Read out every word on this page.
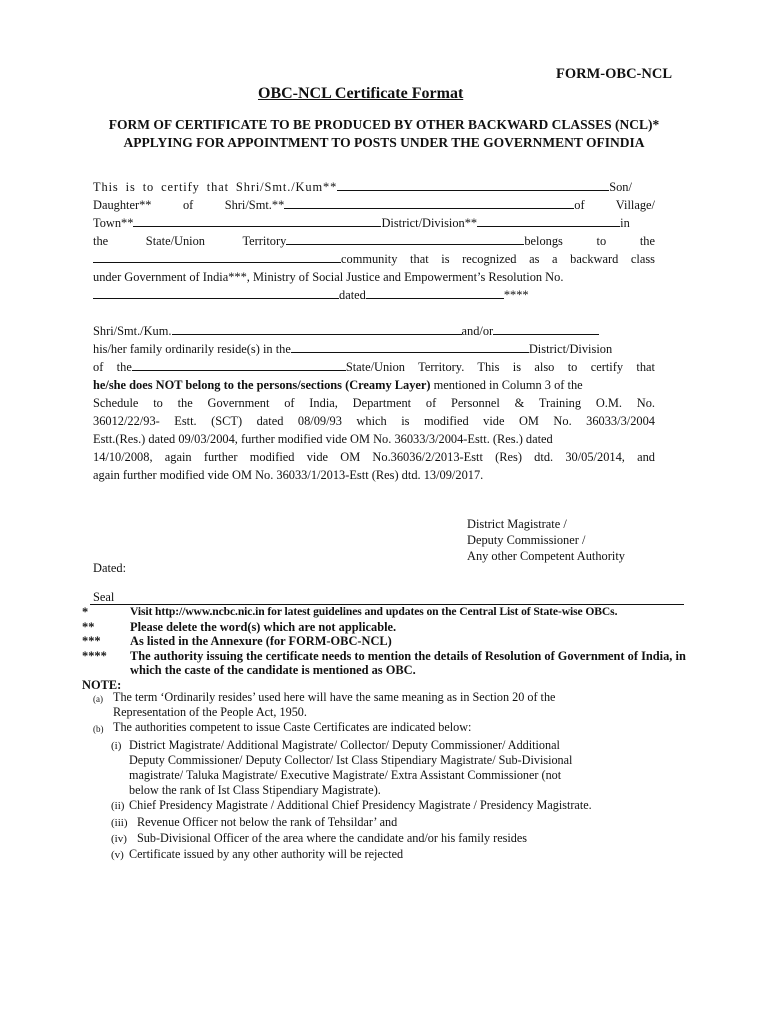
FORM-OBC-NCL
OBC-NCL Certificate Format
FORM OF CERTIFICATE TO BE PRODUCED BY OTHER BACKWARD CLASSES (NCL)* APPLYING FOR APPOINTMENT TO POSTS UNDER THE GOVERNMENT OFINDIA
This is to certify that Shri/Smt./Kum**	Son/
Daughter** of Shri/Smt.**	of Village/
Town**	District/Division**	in
the State/Union Territory	belongs to the
community that is recognized as a backward class
under Government of India***, Ministry of Social Justice and Empowerment’s Resolution No.
dated	****
Shri/Smt./Kum.	and/or
his/her family ordinarily reside(s) in the	District/Division
of the	State/Union Territory. This is also to certify that
he/she does NOT belong to the persons/sections (Creamy Layer) mentioned in Column 3 of the
Schedule to the Government of India, Department of Personnel & Training O.M. No.
36012/22/93- Estt. (SCT) dated 08/09/93 which is modified vide OM No. 36033/3/2004
Estt.(Res.) dated 09/03/2004, further modified vide OM No. 36033/3/2004-Estt. (Res.) dated
14/10/2008, again further modified vide OM No.36036/2/2013-Estt (Res) dtd. 30/05/2014, and
again further modified vide OM No. 36033/1/2013-Estt (Res) dtd. 13/09/2017.
District Magistrate /
Deputy Commissioner /
Any other Competent Authority
Dated:
Seal
*	Visit http://www.ncbc.nic.in for latest guidelines and updates on the Central List of State-wise OBCs.
**	Please delete the word(s) which are not applicable.
***	As listed in the Annexure (for FORM-OBC-NCL)
****	The authority issuing the certificate needs to mention the details of Resolution of Government of India, in which the caste of the candidate is mentioned as OBC.
NOTE:
(a) The term ‘Ordinarily resides’ used here will have the same meaning as in Section 20 of the
Representation of the People Act, 1950.
(b) The authorities competent to issue Caste Certificates are indicated below:
(i) District Magistrate/ Additional Magistrate/ Collector/ Deputy Commissioner/ Additional
Deputy Commissioner/ Deputy Collector/ Ist Class Stipendiary Magistrate/ Sub-Divisional
magistrate/ Taluka Magistrate/ Executive Magistrate/ Extra Assistant Commissioner (not
below the rank of Ist Class Stipendiary Magistrate).
(ii) Chief Presidency Magistrate / Additional Chief Presidency Magistrate / Presidency Magistrate.
(iii) Revenue Officer not below the rank of Tehsildar’ and
(iv) Sub-Divisional Officer of the area where the candidate and/or his family resides
(v) Certificate issued by any other authority will be rejected
